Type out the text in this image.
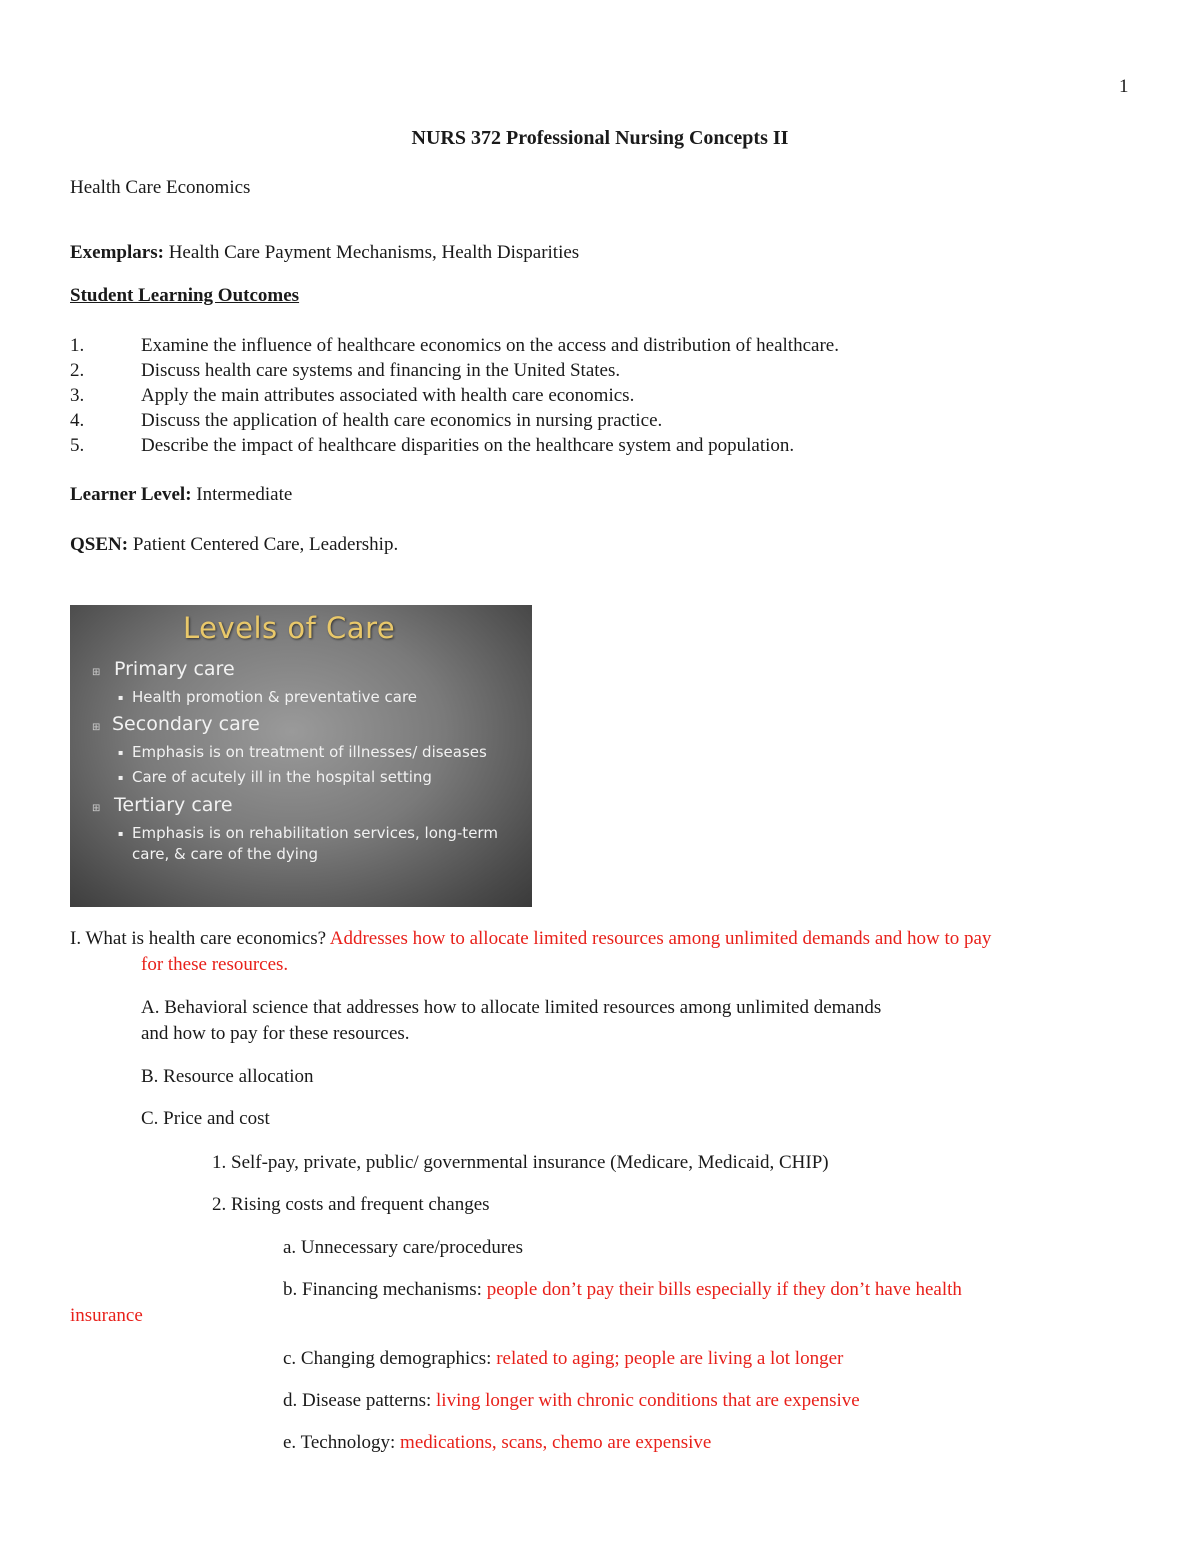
1
NURS 372 Professional Nursing Concepts II
Health Care Economics
Exemplars: Health Care Payment Mechanisms, Health Disparities
Student Learning Outcomes
1.	Examine the influence of healthcare economics on the access and distribution of healthcare.
2.	Discuss health care systems and financing in the United States.
3.	Apply the main attributes associated with health care economics.
4.	Discuss the application of health care economics in nursing practice.
5.	Describe the impact of healthcare disparities on the healthcare system and population.
Learner Level: Intermediate
QSEN: Patient Centered Care, Leadership.
Levels of Care
⊞ Primary care
▪ Health promotion & preventative care
⊞ Secondary care
▪ Emphasis is on treatment of illnesses/ diseases
▪ Care of acutely ill in the hospital setting
⊞ Tertiary care
▪ Emphasis is on rehabilitation services, long-term
care, & care of the dying
I. What is health care economics? Addresses how to allocate limited resources among unlimited demands and how to pay
for these resources.
A. Behavioral science that addresses how to allocate limited resources among unlimited demands
and how to pay for these resources.
B. Resource allocation
C. Price and cost
1. Self-pay, private, public/ governmental insurance (Medicare, Medicaid, CHIP)
2. Rising costs and frequent changes
a. Unnecessary care/procedures
b. Financing mechanisms: people don’t pay their bills especially if they don’t have health
insurance
c. Changing demographics: related to aging; people are living a lot longer
d. Disease patterns: living longer with chronic conditions that are expensive
e. Technology: medications, scans, chemo are expensive
